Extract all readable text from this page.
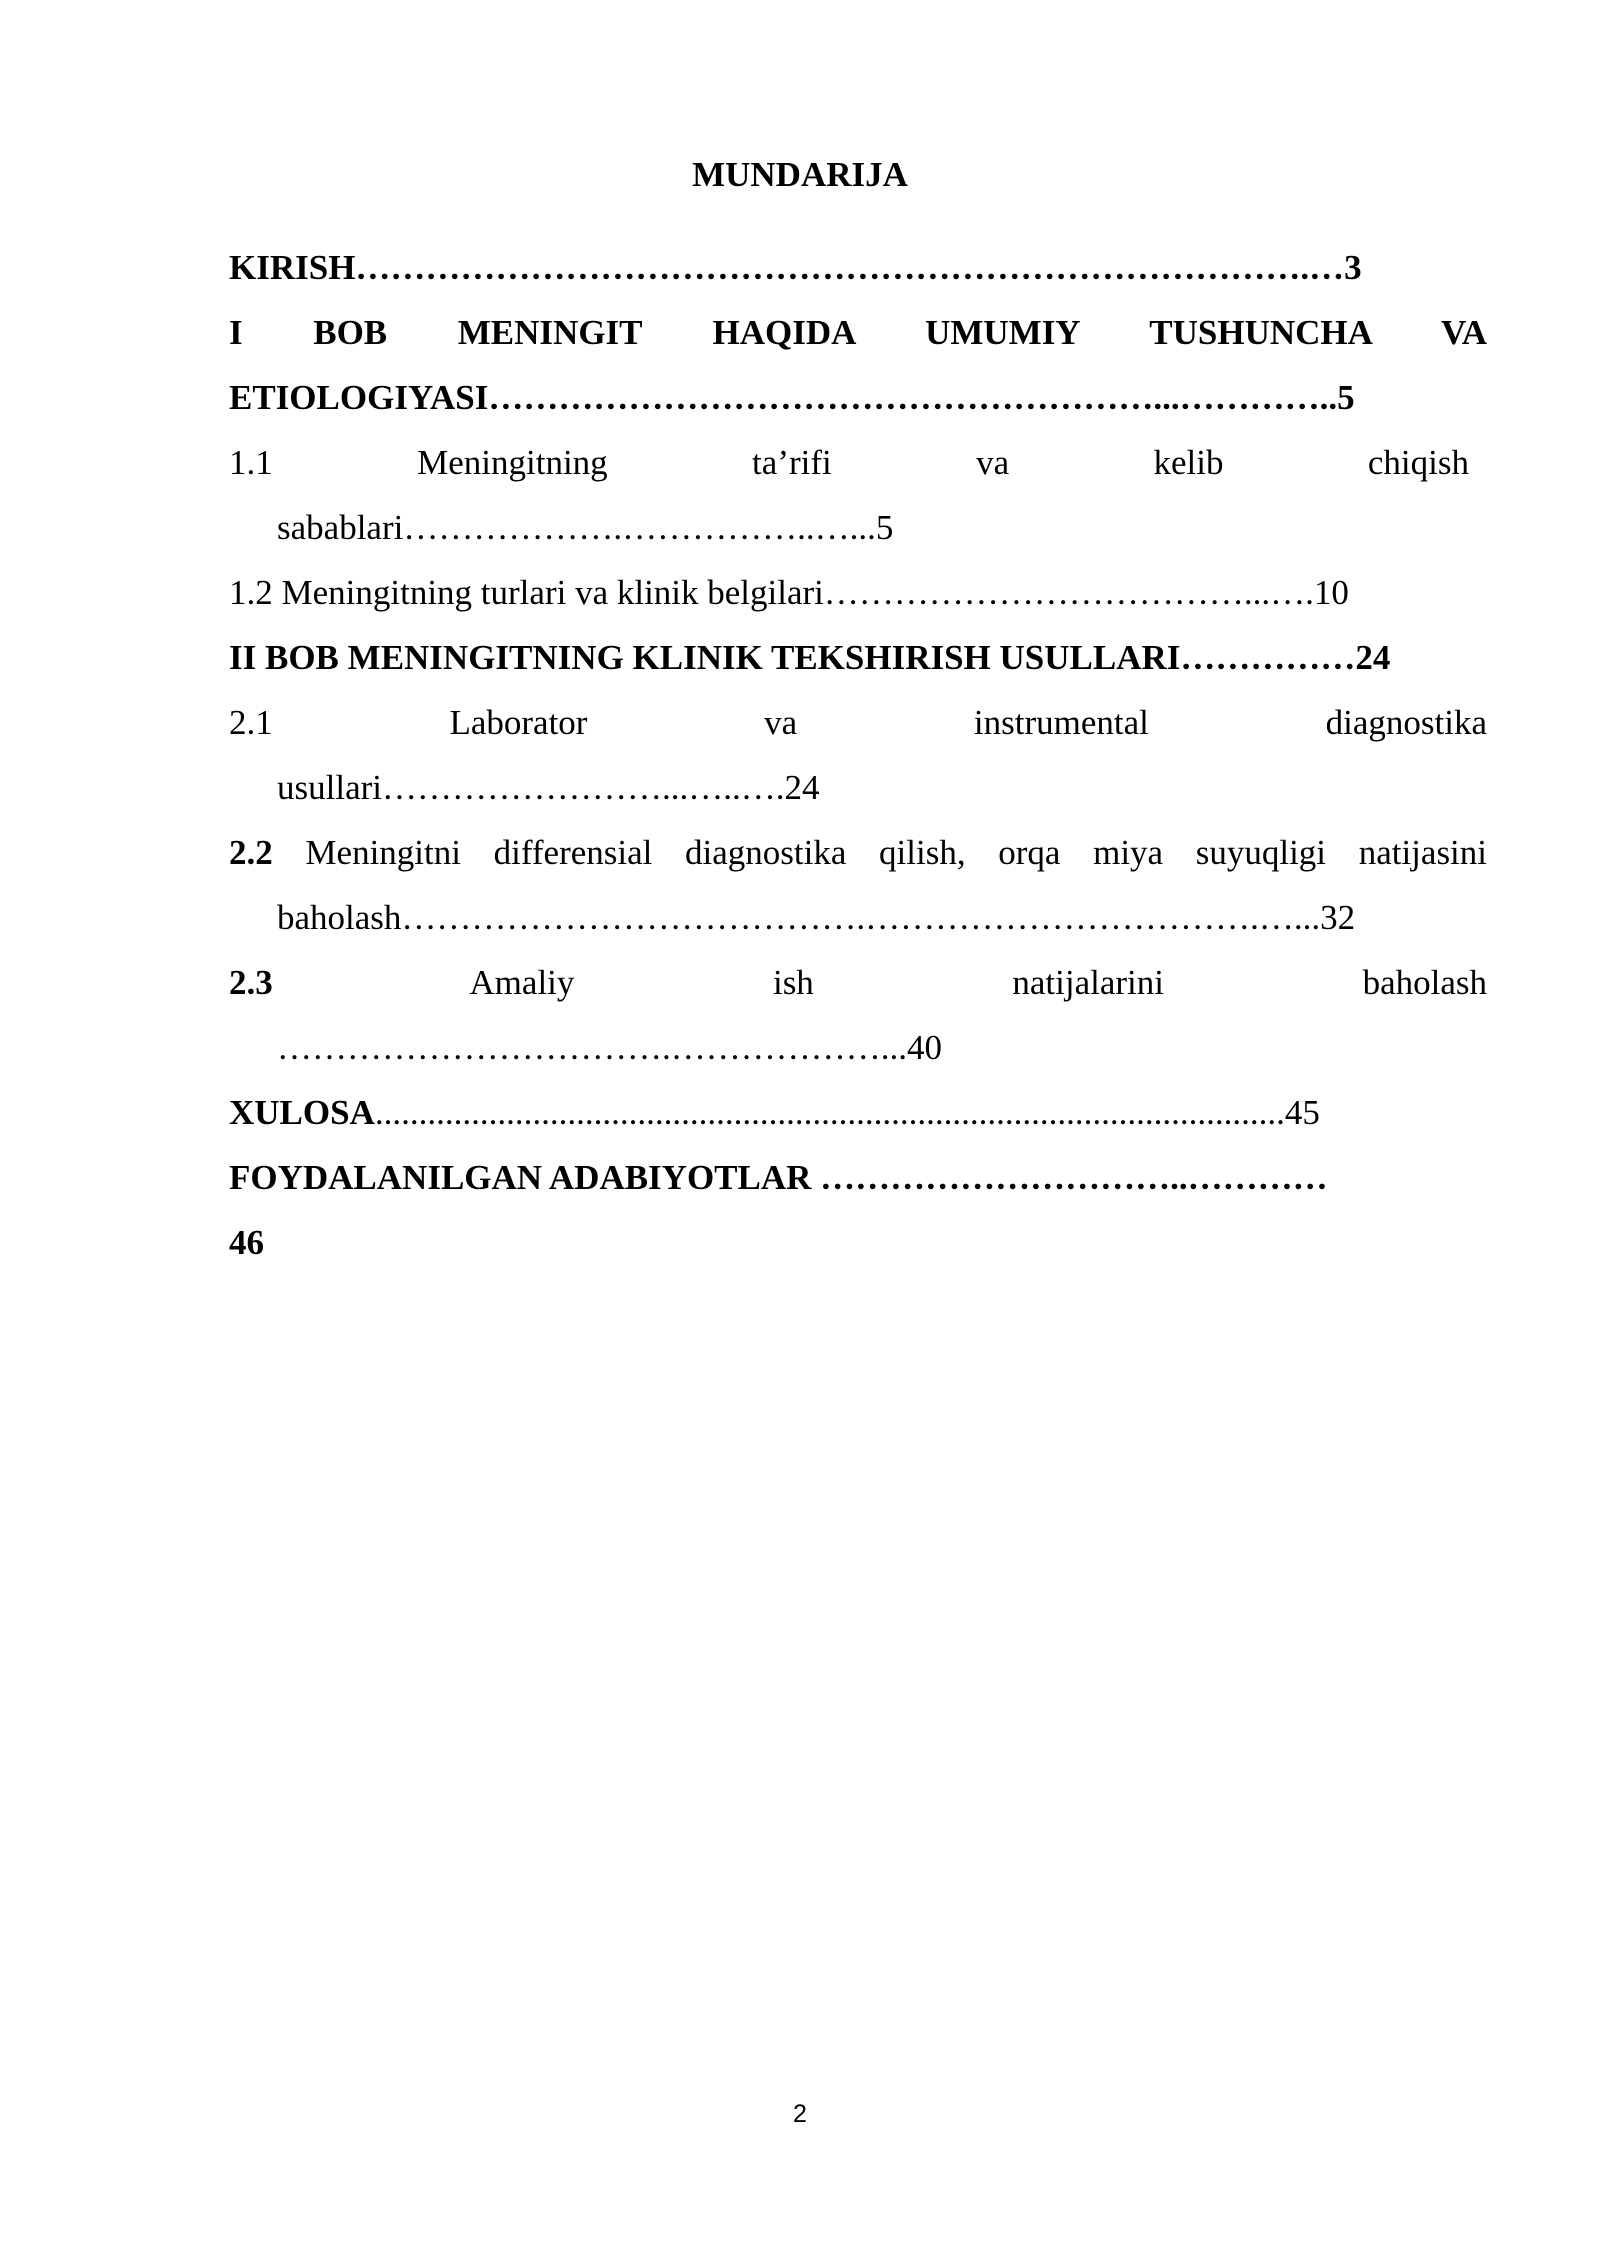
MUNDARIJA
KIRISH……………………………………………………………………….…3
I BOB MENINGIT HAQIDA UMUMIY TUSHUNCHA VA
ETIOLOGIYASI…………………………………………………...…………..5
1.1 Meningitning ta’rifi va kelib chiqish
sabablari……………….……………..…...5
1.2 Meningitning turlari va klinik belgilari………………………………...….10
II BOB MENINGITNING KLINIK TEKSHIRISH USULLARI……………24
2.1 Laborator va instrumental diagnostika
usullari……………………...…..….24
2.2 Meningitni differensial diagnostika qilish, orqa miya suyuqligi natijasini
baholash………………………………….…………………………….…...32
2.3	Amaliy ish natijalarini baholash
…………………………….………………...40
XULOSA........................................................................................................45
FOYDALANILGAN ADABIYOTLAR …………………………..…………
46
2
